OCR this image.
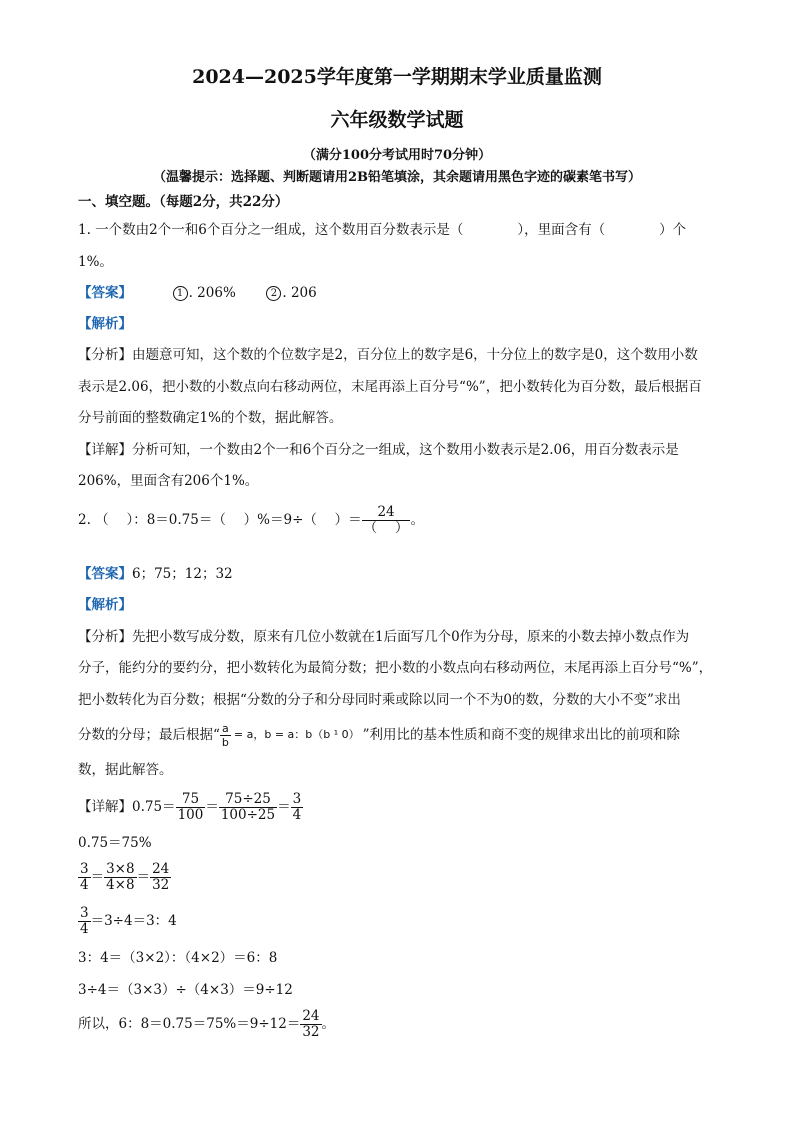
2024—2025学年度第一学期期末学业质量监测
六年级数学试题
（满分100分考试用时70分钟）
（温馨提示：选择题、判断题请用2B铅笔填涂，其余题请用黑色字迹的碳素笔书写）
一、填空题。（每题2分，共22分）
1. 一个数由2个一和6个百分之一组成，这个数用百分数表示是（　　　　），里面含有（　　　　）个
1%。
【答案】	1 . 206%	2 . 206
【解析】
【分析】由题意可知，这个数的个位数字是2，百分位上的数字是6，十分位上的数字是0，这个数用小数
表示是2.06，把小数的小数点向右移动两位，末尾再添上百分号“%”，把小数转化为百分数，最后根据百
分号前面的整数确定1%的个数，据此解答。
【详解】分析可知，一个数由2个一和6个百分之一组成，这个数用小数表示是2.06，用百分数表示是
206%，里面含有206个1%。
2. （　 ）：8＝0.75＝（　 ）%＝9÷（　 ）＝ $\frac{24}{( )}$ 。
【答案】6；75；12；32
【解析】
【分析】先把小数写成分数，原来有几位小数就在1后面写几个0作为分母，原来的小数去掉小数点作为
分子，能约分的要约分，把小数转化为最简分数；把小数的小数点向右移动两位，末尾再添上百分号“%”，
把小数转化为百分数；根据“分数的分子和分母同时乘或除以同一个不为0的数，分数的大小不变”求出
分数的分母；最后根据“ $\frac{a}{b} = a$，b = a：b（b ¹ 0） ”利用比的基本性质和商不变的规律求出比的前项和除
数，据此解答。
【详解】 $0.75= \frac{75}{100} = \frac{75\div 25}{100\div 25} = \frac{3}{4}$
0.75＝75%
$\frac{3}{4} = \frac{3\times 8}{4\times 8} = \frac{24}{32}$
$\frac{3}{4} =3\div 4=3$：4
3：4＝（3×2）：（4×2）＝6：8
3÷4＝（3×3）÷（4×3）＝9÷12
所以，6：$8=0.75=75\%=9\div 12= \frac{24}{32}$ 。
